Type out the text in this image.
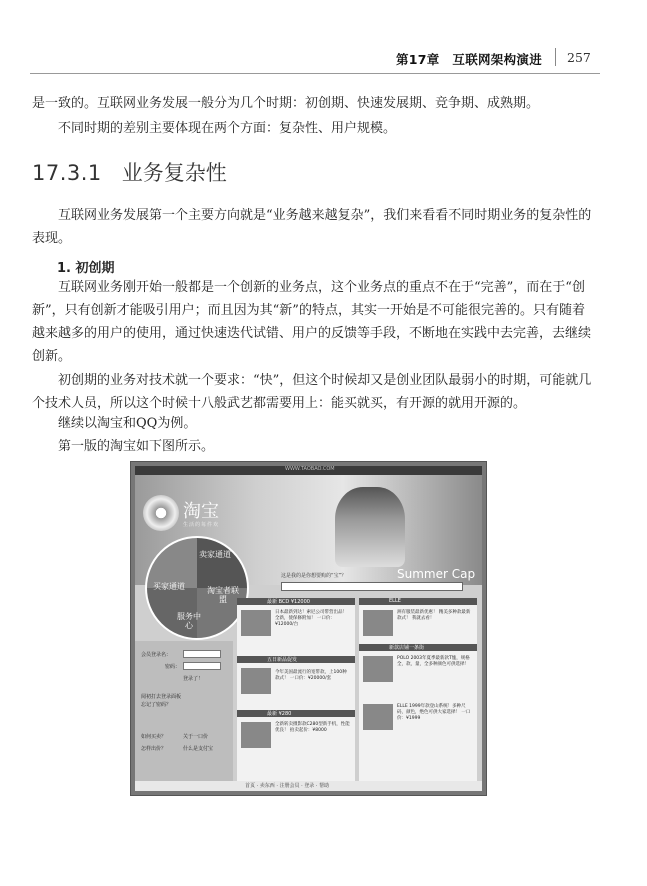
第17章　互联网架构演进 257

是一致的。互联网业务发展一般分为几个时期：初创期、快速发展期、竞争期、成熟期。

不同时期的差别主要体现在两个方面：复杂性、用户规模。

17.3.1 业务复杂性

互联网业务发展第一个主要方向就是“业务越来越复杂”，我们来看看不同时期业务的复杂性的表现。

1. 初创期

互联网业务刚开始一般都是一个创新的业务点，这个业务点的重点不在于“完善”，而在于“创新”，只有创新才能吸引用户；而且因为其“新”的特点，其实一开始是不可能很完善的。只有随着越来越多的用户的使用，通过快速迭代试错、用户的反馈等手段，不断地在实践中去完善，去继续创新。

初创期的业务对技术就一个要求：“快”，但这个时候却又是创业团队最弱小的时期，可能就几个技术人员，所以这个时候十八般武艺都需要用上：能买就买，有开源的就用开源的。

继续以淘宝和QQ为例。

第一版的淘宝如下图所示。

WWW.TAOBAO.COM
淘宝
生活的每件欢
Summer Cap
卖家通道
买家通道	淘宝者联盟
服务中心
这是我的是你想要购的“宝”？
会员登录名：
密码：
登录了！
阅初打去登录面板
忘记了密码？
如何买卖？	关于一口价
怎样出价？	什么是支付宝
最新 BCD ¥12000
日本最新到达！索尼公司带营出品！全新，使保修附加！ 一口价：¥12000/台
五日新品促发
今年美国最流行的宽带款，上100种款式！ 一口价：¥20000/套
最新 ¥280
全新转卖摄影款C280型新手机，性能优良！ 拍卖起价：¥8000
ELLE
洲有服装最新优惠！ 精美多种款最新款式！ 我就去看！
新款店铺一条街
POLO 2003年夏季最新款T恤，规格全，款，量，全多种颜色可供选择！
ELLE 1999年款登山系统！多种尺码，颜色，绝色可供大家选择！ 一口价：¥1999
首页 · 卖东西 · 注册会员 · 登录 · 帮助
